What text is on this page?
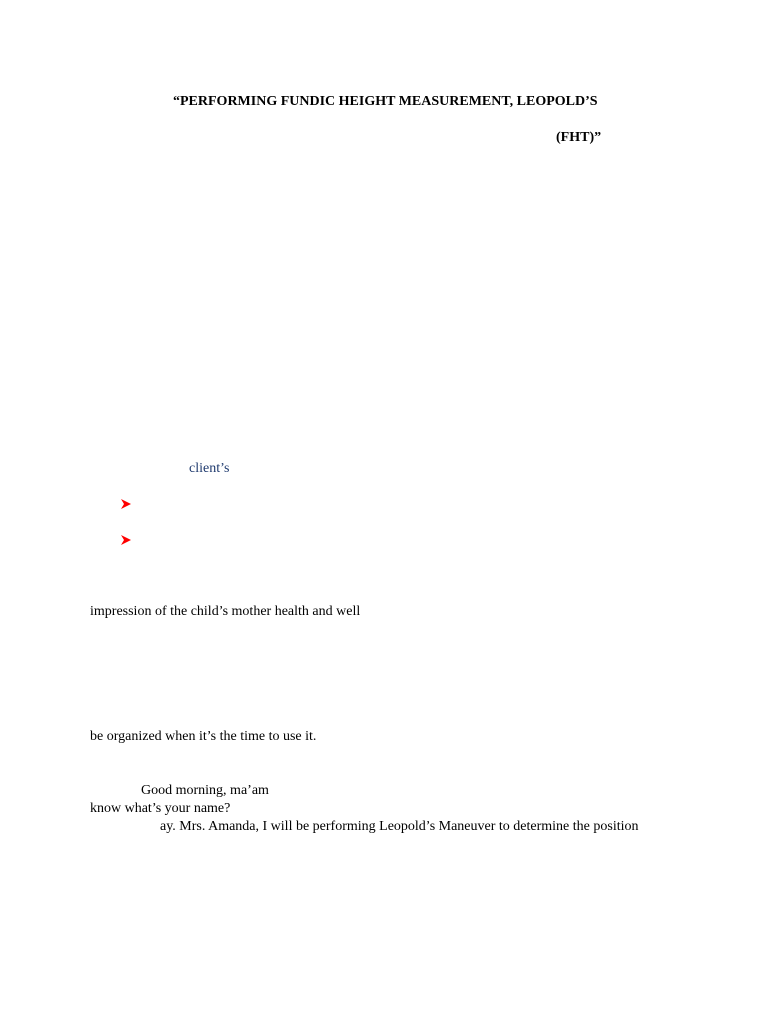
“PERFORMING FUNDIC HEIGHT MEASUREMENT, LEOPOLD’S
(FHT)”
client’s
impression of the child’s mother health and well
be organized when it’s the time to use it.
Good morning, ma’am
know what’s your name?
ay. Mrs. Amanda, I will be performing Leopold’s Maneuver to determine the position
